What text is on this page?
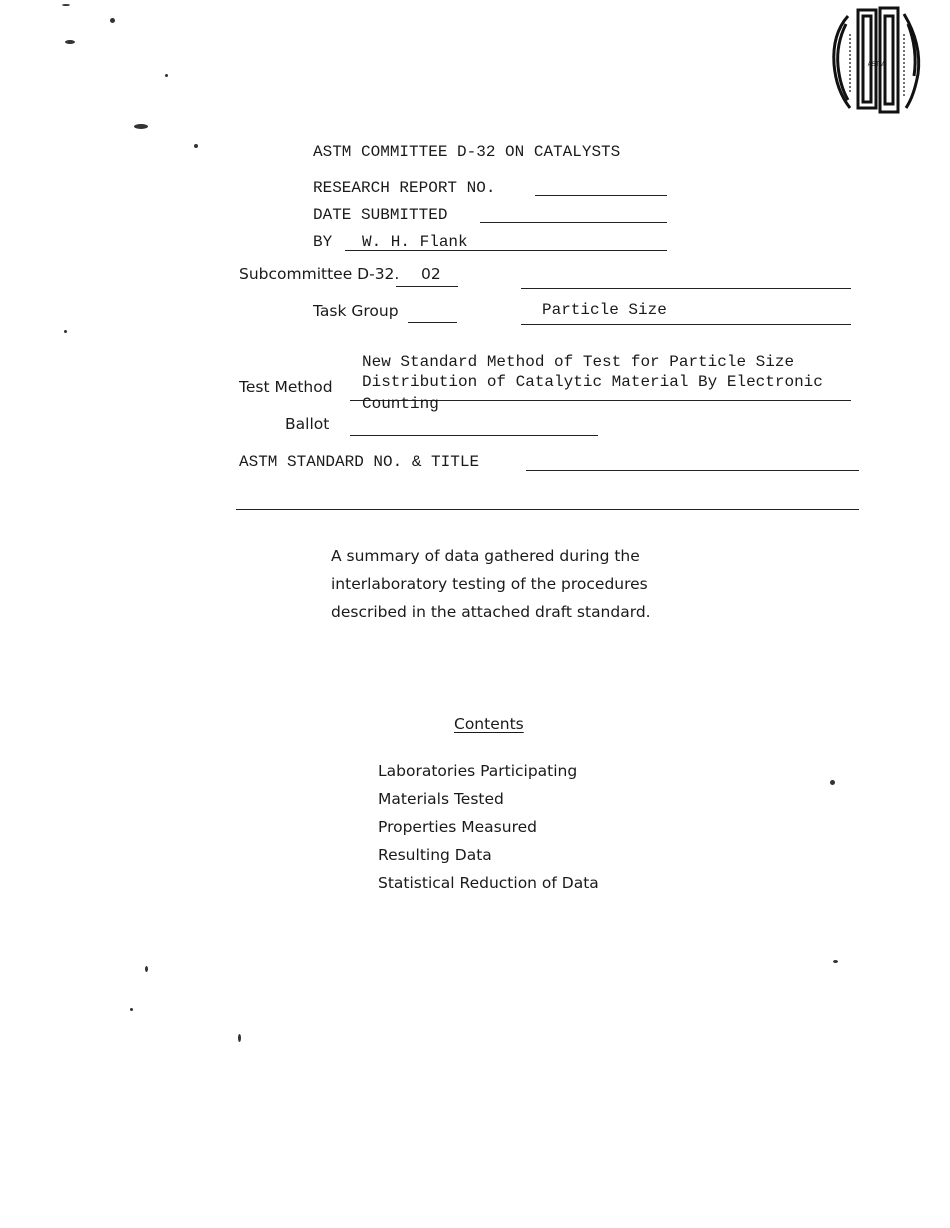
ASTM
ASTM COMMITTEE D-32 ON CATALYSTS
RESEARCH REPORT NO.
DATE SUBMITTED
BY W. H. Flank
Subcommittee D-32. 02
Task Group	Particle Size
New Standard Method of Test for Particle Size
Test Method Distribution of Catalytic Material By Electronic
Counting
Ballot
ASTM STANDARD NO. & TITLE
A summary of data gathered during the
interlaboratory testing of the procedures
described in the attached draft standard.
Contents
Laboratories Participating
Materials Tested
Properties Measured
Resulting Data
Statistical Reduction of Data
